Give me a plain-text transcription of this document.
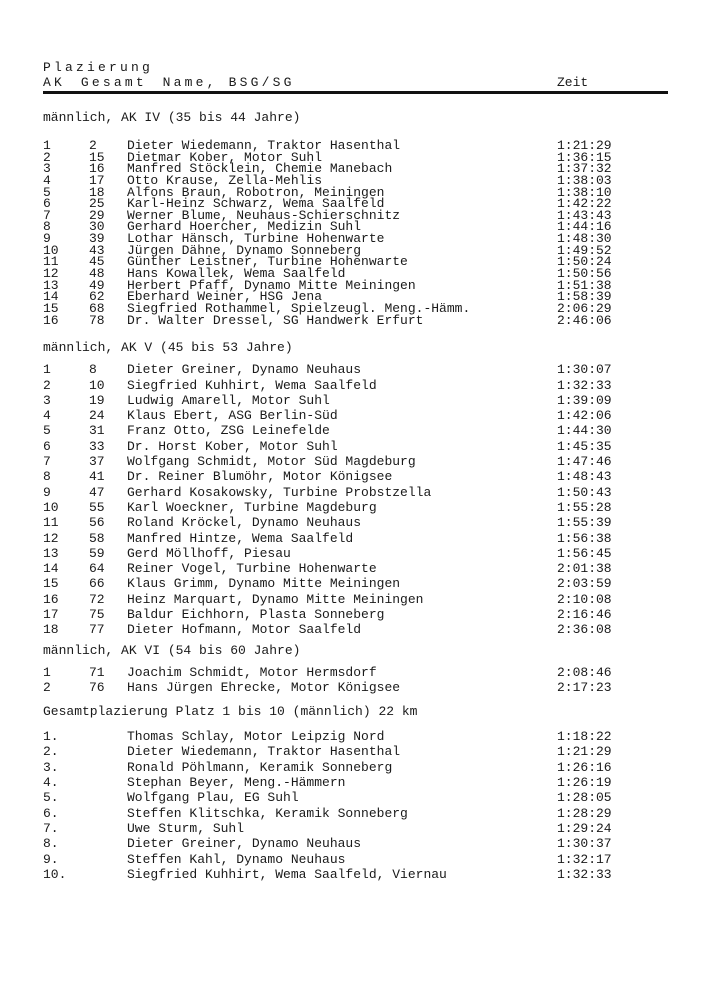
Plazierung
AK Gesamt Name, BSG/SG	Zeit
männlich, AK IV (35 bis 44 Jahre)
1	2 Dieter Wiedemann, Traktor Hasenthal	1:21:29
2	15 Dietmar Kober, Motor Suhl	1:36:15
3	16 Manfred Stöcklein, Chemie Manebach	1:37:32
4	17 Otto Krause, Zella-Mehlis	1:38:03
5	18 Alfons Braun, Robotron, Meiningen	1:38:10
6	25 Karl-Heinz Schwarz, Wema Saalfeld	1:42:22
7	29 Werner Blume, Neuhaus-Schierschnitz	1:43:43
8	30 Gerhard Hoercher, Medizin Suhl	1:44:16
9	39 Lothar Hänsch, Turbine Hohenwarte	1:48:30
10 43 Jürgen Dähne, Dynamo Sonneberg	1:49:52
11 45 Günther Leistner, Turbine Hohenwarte	1:50:24
12 48 Hans Kowallek, Wema Saalfeld	1:50:56
13 49 Herbert Pfaff, Dynamo Mitte Meiningen	1:51:38
14 62 Eberhard Weiner, HSG Jena	1:58:39
15 68 Siegfried Rothammel, Spielzeugl. Meng.-Hämm.	2:06:29
16 78 Dr. Walter Dressel, SG Handwerk Erfurt	2:46:06
männlich, AK V (45 bis 53 Jahre)
1	8 Dieter Greiner, Dynamo Neuhaus	1:30:07
2	10 Siegfried Kuhhirt, Wema Saalfeld	1:32:33
3	19 Ludwig Amarell, Motor Suhl	1:39:09
4	24 Klaus Ebert, ASG Berlin-Süd	1:42:06
5	31 Franz Otto, ZSG Leinefelde	1:44:30
6	33 Dr. Horst Kober, Motor Suhl	1:45:35
7	37 Wolfgang Schmidt, Motor Süd Magdeburg	1:47:46
8	41 Dr. Reiner Blumöhr, Motor Königsee	1:48:43
9	47 Gerhard Kosakowsky, Turbine Probstzella	1:50:43
10 55 Karl Woeckner, Turbine Magdeburg	1:55:28
11 56 Roland Kröckel, Dynamo Neuhaus	1:55:39
12 58 Manfred Hintze, Wema Saalfeld	1:56:38
13 59 Gerd Möllhoff, Piesau	1:56:45
14 64 Reiner Vogel, Turbine Hohenwarte	2:01:38
15 66 Klaus Grimm, Dynamo Mitte Meiningen	2:03:59
16 72 Heinz Marquart, Dynamo Mitte Meiningen	2:10:08
17 75 Baldur Eichhorn, Plasta Sonneberg	2:16:46
18 77 Dieter Hofmann, Motor Saalfeld	2:36:08
männlich, AK VI (54 bis 60 Jahre)
1	71 Joachim Schmidt, Motor Hermsdorf	2:08:46
2	76 Hans Jürgen Ehrecke, Motor Königsee	2:17:23
Gesamtplazierung Platz 1 bis 10 (männlich) 22 km
1.	Thomas Schlay, Motor Leipzig Nord	1:18:22
2.	Dieter Wiedemann, Traktor Hasenthal	1:21:29
3.	Ronald Pöhlmann, Keramik Sonneberg	1:26:16
4.	Stephan Beyer, Meng.-Hämmern	1:26:19
5.	Wolfgang Plau, EG Suhl	1:28:05
6.	Steffen Klitschka, Keramik Sonneberg	1:28:29
7.	Uwe Sturm, Suhl	1:29:24
8.	Dieter Greiner, Dynamo Neuhaus	1:30:37
9.	Steffen Kahl, Dynamo Neuhaus	1:32:17
10.	Siegfried Kuhhirt, Wema Saalfeld, Viernau	1:32:33
